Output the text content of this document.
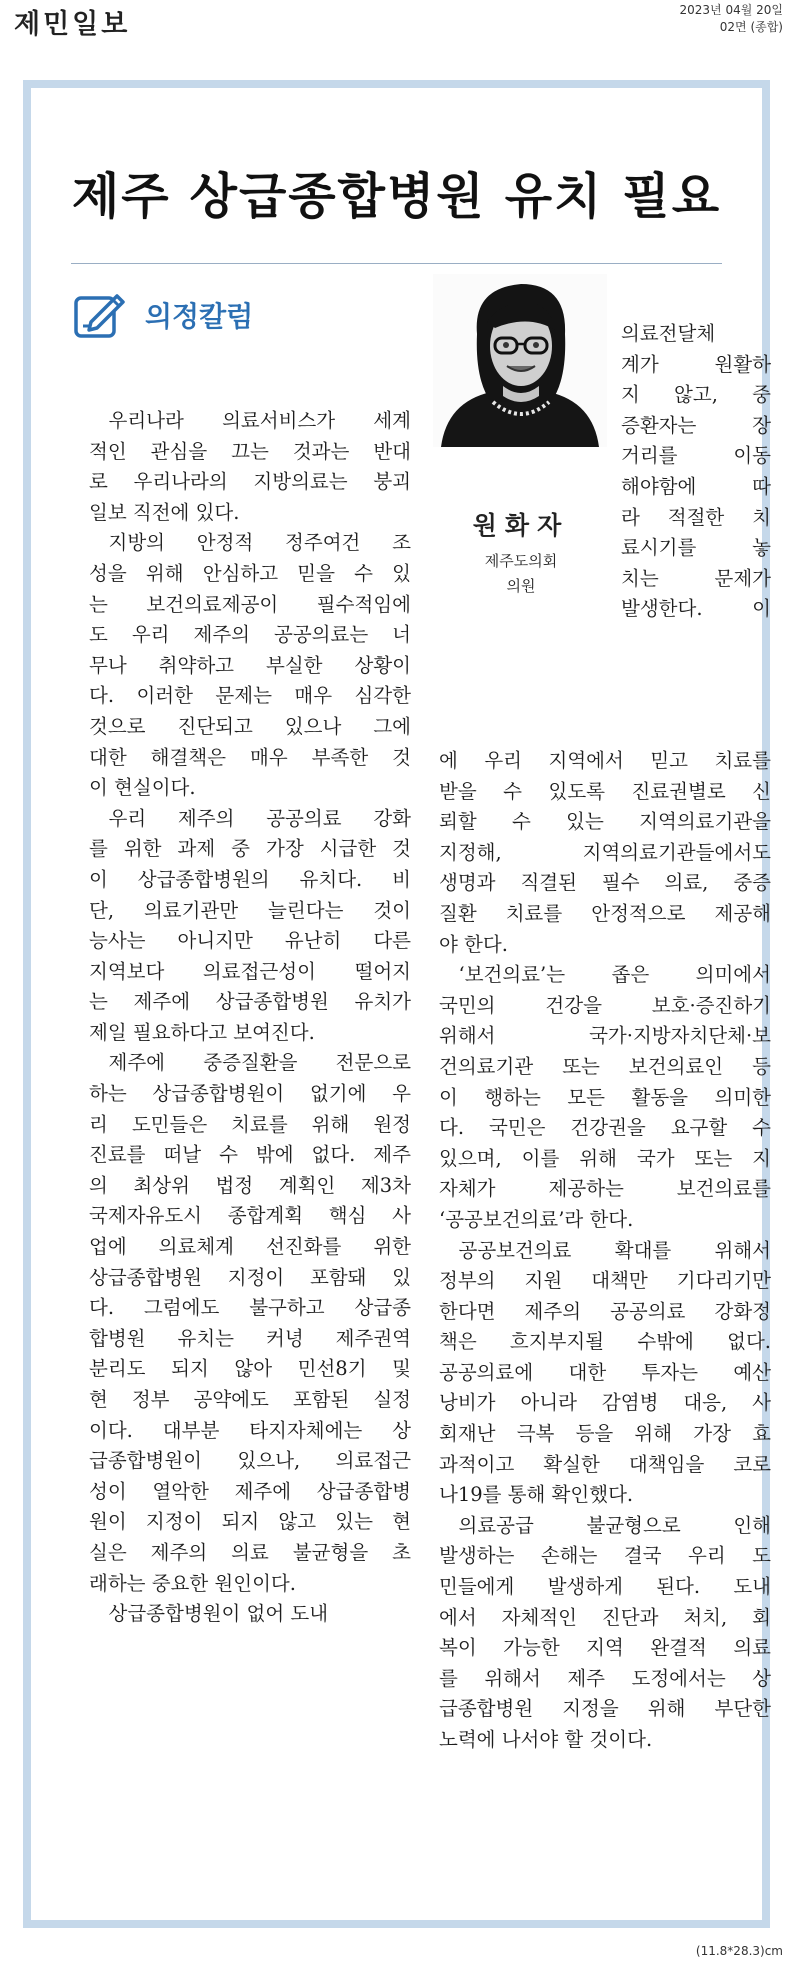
제민일보	2023년 04월 20일
02면 (종합)
제주 상급종합병원 유치 필요
의정칼럼
원화자
제주도의회
의원

우리나라 의료서비스가 세계
적인 관심을 끄는 것과는 반대
로 우리나라의 지방의료는 붕괴
일보 직전에 있다.

지방의 안정적 정주여건 조
성을 위해 안심하고 믿을 수 있
는 보건의료제공이 필수적임에
도 우리 제주의 공공의료는 너
무나 취약하고 부실한 상황이
다. 이러한 문제는 매우 심각한
것으로 진단되고 있으나 그에
대한 해결책은 매우 부족한 것
이 현실이다.

우리 제주의 공공의료 강화
를 위한 과제 중 가장 시급한 것
이 상급종합병원의 유치다. 비
단, 의료기관만 늘린다는 것이
능사는 아니지만 유난히 다른
지역보다 의료접근성이 떨어지
는 제주에 상급종합병원 유치가
제일 필요하다고 보여진다.

제주에 중증질환을 전문으로
하는 상급종합병원이 없기에 우
리 도민들은 치료를 위해 원정
진료를 떠날 수 밖에 없다. 제주
의 최상위 법정 계획인 제3차
국제자유도시 종합계획 핵심 사
업에 의료체계 선진화를 위한
상급종합병원 지정이 포함돼 있
다. 그럼에도 불구하고 상급종
합병원 유치는 커녕 제주권역
분리도 되지 않아 민선8기 및
현 정부 공약에도 포함된 실정
이다. 대부분 타지자체에는 상
급종합병원이 있으나, 의료접근
성이 열악한 제주에 상급종합병
원이 지정이 되지 않고 있는 현
실은 제주의 의료 불균형을 초
래하는 중요한 원인이다.

상급종합병원이 없어 도내

의료전달체
계가 원활하
지 않고, 중
증환자는 장
거리를 이동
해야함에 따
라 적절한 치
료시기를 놓
치는 문제가
발생한다. 이

에 우리 지역에서 믿고 치료를
받을 수 있도록 진료권별로 신
뢰할 수 있는 지역의료기관을
지정해, 지역의료기관들에서도
생명과 직결된 필수 의료, 중증
질환 치료를 안정적으로 제공해
야 한다.

‘보건의료’는 좁은 의미에서
국민의 건강을 보호·증진하기
위해서 국가·지방자치단체·보
건의료기관 또는 보건의료인 등
이 행하는 모든 활동을 의미한
다. 국민은 건강권을 요구할 수
있으며, 이를 위해 국가 또는 지
자체가 제공하는 보건의료를
‘공공보건의료’라 한다.

공공보건의료 확대를 위해서
정부의 지원 대책만 기다리기만
한다면 제주의 공공의료 강화정
책은 흐지부지될 수밖에 없다.
공공의료에 대한 투자는 예산
낭비가 아니라 감염병 대응, 사
회재난 극복 등을 위해 가장 효
과적이고 확실한 대책임을 코로
나19를 통해 확인했다.

의료공급 불균형으로 인해
발생하는 손해는 결국 우리 도
민들에게 발생하게 된다. 도내
에서 자체적인 진단과 처치, 회
복이 가능한 지역 완결적 의료
를 위해서 제주 도정에서는 상
급종합병원 지정을 위해 부단한
노력에 나서야 할 것이다.

(11.8*28.3)cm
